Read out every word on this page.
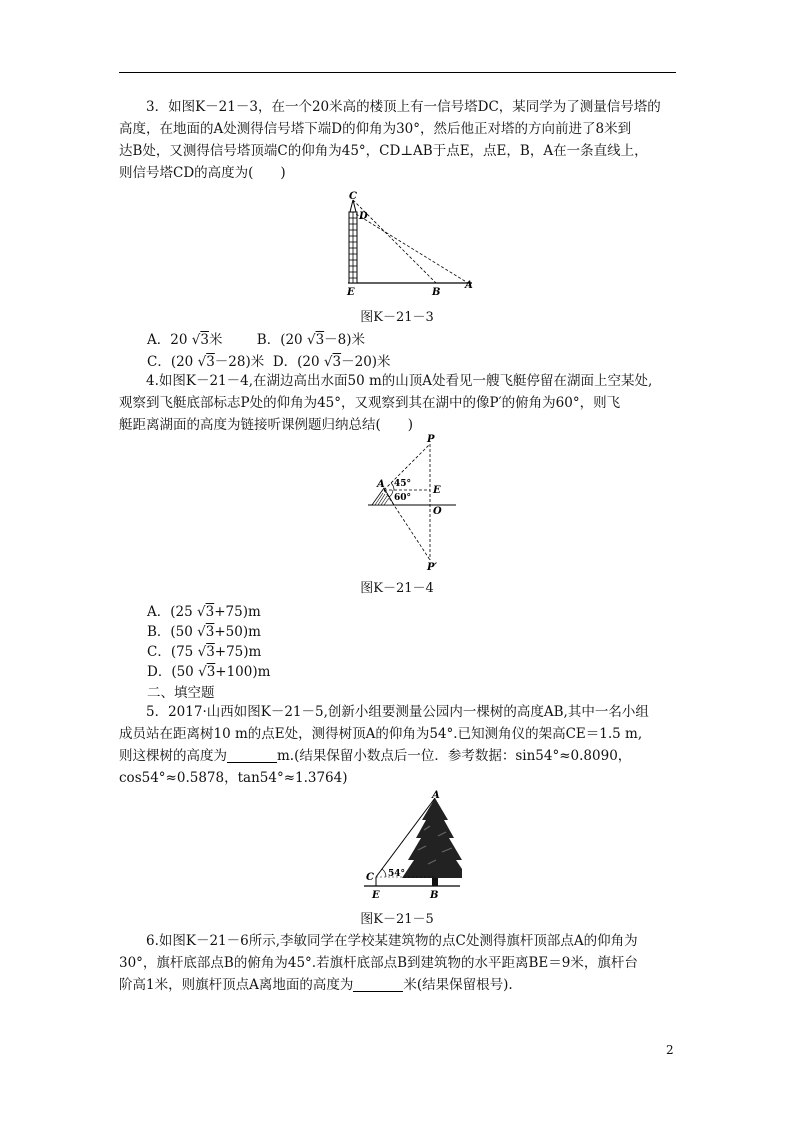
3．如图K－21－3，在一个20米高的楼顶上有一信号塔DC，某同学为了测量信号塔的

高度，在地面的A处测得信号塔下端D的仰角为30°，然后他正对塔的方向前进了8米到

达B处，又测得信号塔顶端C的仰角为45°，CD⊥AB于点E，点E，B，A在一条直线上，

则信号塔CD的高度为(　　)

C
D
E	B
A
图K－21－3
A．20 √3米	B．(20 √3－8)米
C．(20 √3－28)米 D．(20 √3－20)米

4.如图K－21－4,在湖边高出水面50 m的山顶A处看见一艘飞艇停留在湖面上空某处,

观察到飞艇底部标志P处的仰角为45°，又观察到其在湖中的像P′的俯角为60°，则飞

艇距离湖面的高度为链接听课例题归纳总结(　　)

P
A 45°
60°
E
O
P′
图K－21－4
A．(25 √3+75)m
B．(50 √3+50)m
C．(75 √3+75)m
D．(50 √3+100)m
二、填空题

5．2017·山西如图K－21－5,创新小组要测量公园内一棵树的高度AB,其中一名小组

成员站在距离树10 m的点E处，测得树顶A的仰角为54°.已知测角仪的架高CE＝1.5 m,

则这棵树的高度为	m.(结果保留小数点后一位．参考数据：sin54°≈0.8090，

cos54°≈0.5878，tan54°≈1.3764)

A
C 54°
E	B
图K－21－5

6.如图K－21－6所示,李敏同学在学校某建筑物的点C处测得旗杆顶部点A的仰角为

30°，旗杆底部点B的俯角为45°.若旗杆底部点B到建筑物的水平距离BE＝9米，旗杆台

阶高1米，则旗杆顶点A离地面的高度为	米(结果保留根号).

2
